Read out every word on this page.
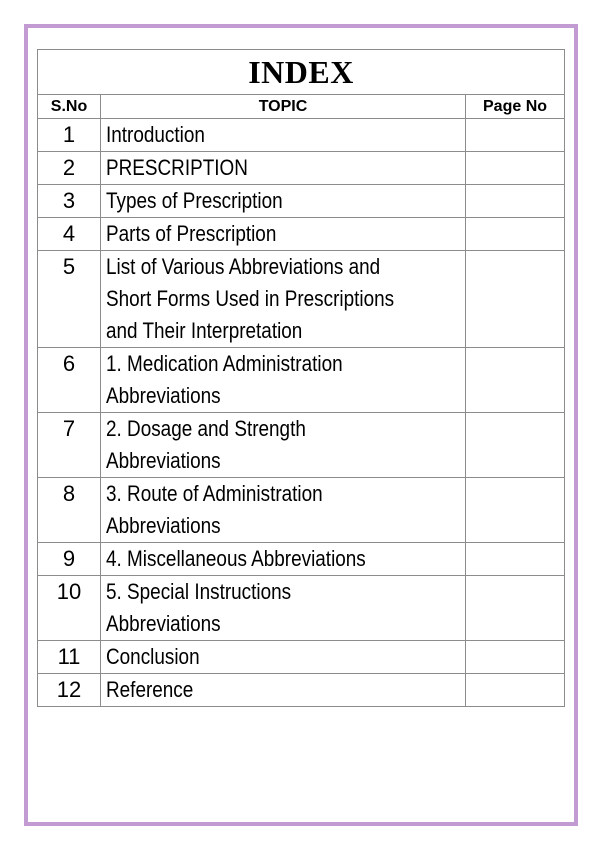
INDEX		
S.No	TOPIC	Page No
1	Introduction	

2	PRESCRIPTION	

3	Types of Prescription	

4	Parts of Prescription	

5	List of Various Abbreviations and
Short Forms Used in Prescriptions
and Their Interpretation	

6	1. Medication Administration
Abbreviations	

7	2. Dosage and Strength
Abbreviations	

8	3. Route of Administration
Abbreviations	

9	4. Miscellaneous Abbreviations	

10	5. Special Instructions
Abbreviations	

11	Conclusion	

12	Reference	
